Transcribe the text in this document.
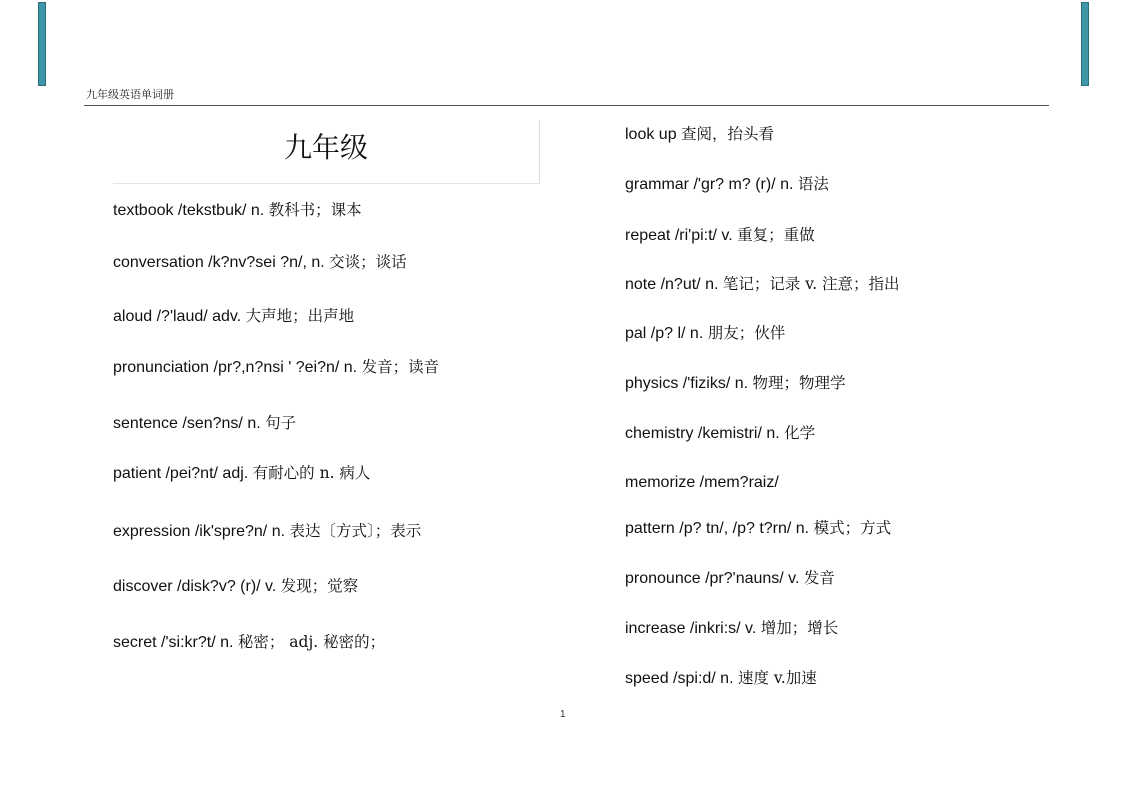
九年级英语单词册
九年级
textbook /tekstbuk/ n. 教科书；课本
conversation /k?nv?sei ?n/, n. 交谈；谈话
aloud /?'laud/ adv. 大声地；出声地
pronunciation /pr?,n?nsi ' ?ei?n/ n. 发音；读音
sentence /sen?ns/ n. 句子
patient /pei?nt/ adj. 有耐心的 n. 病人
expression /ik'spre?n/ n. 表达〔方式〕；表示
discover /disk?v? (r)/ v. 发现；觉察
secret /'si:kr?t/ n. 秘密； adj. 秘密的；
look up 查阅，抬头看
grammar /'gr? m? (r)/ n. 语法
repeat /ri'pi:t/ v. 重复；重做
note /n?ut/ n. 笔记；记录 v. 注意；指出
pal /p? l/ n. 朋友；伙伴
physics /'fiziks/ n. 物理；物理学
chemistry /kemistri/ n. 化学
memorize /mem?raiz/
pattern /p? tn/, /p? t?rn/ n. 模式；方式
pronounce /pr?'nauns/ v. 发音
increase /inkri:s/ v. 增加；增长
speed /spi:d/ n. 速度 v.加速
1
